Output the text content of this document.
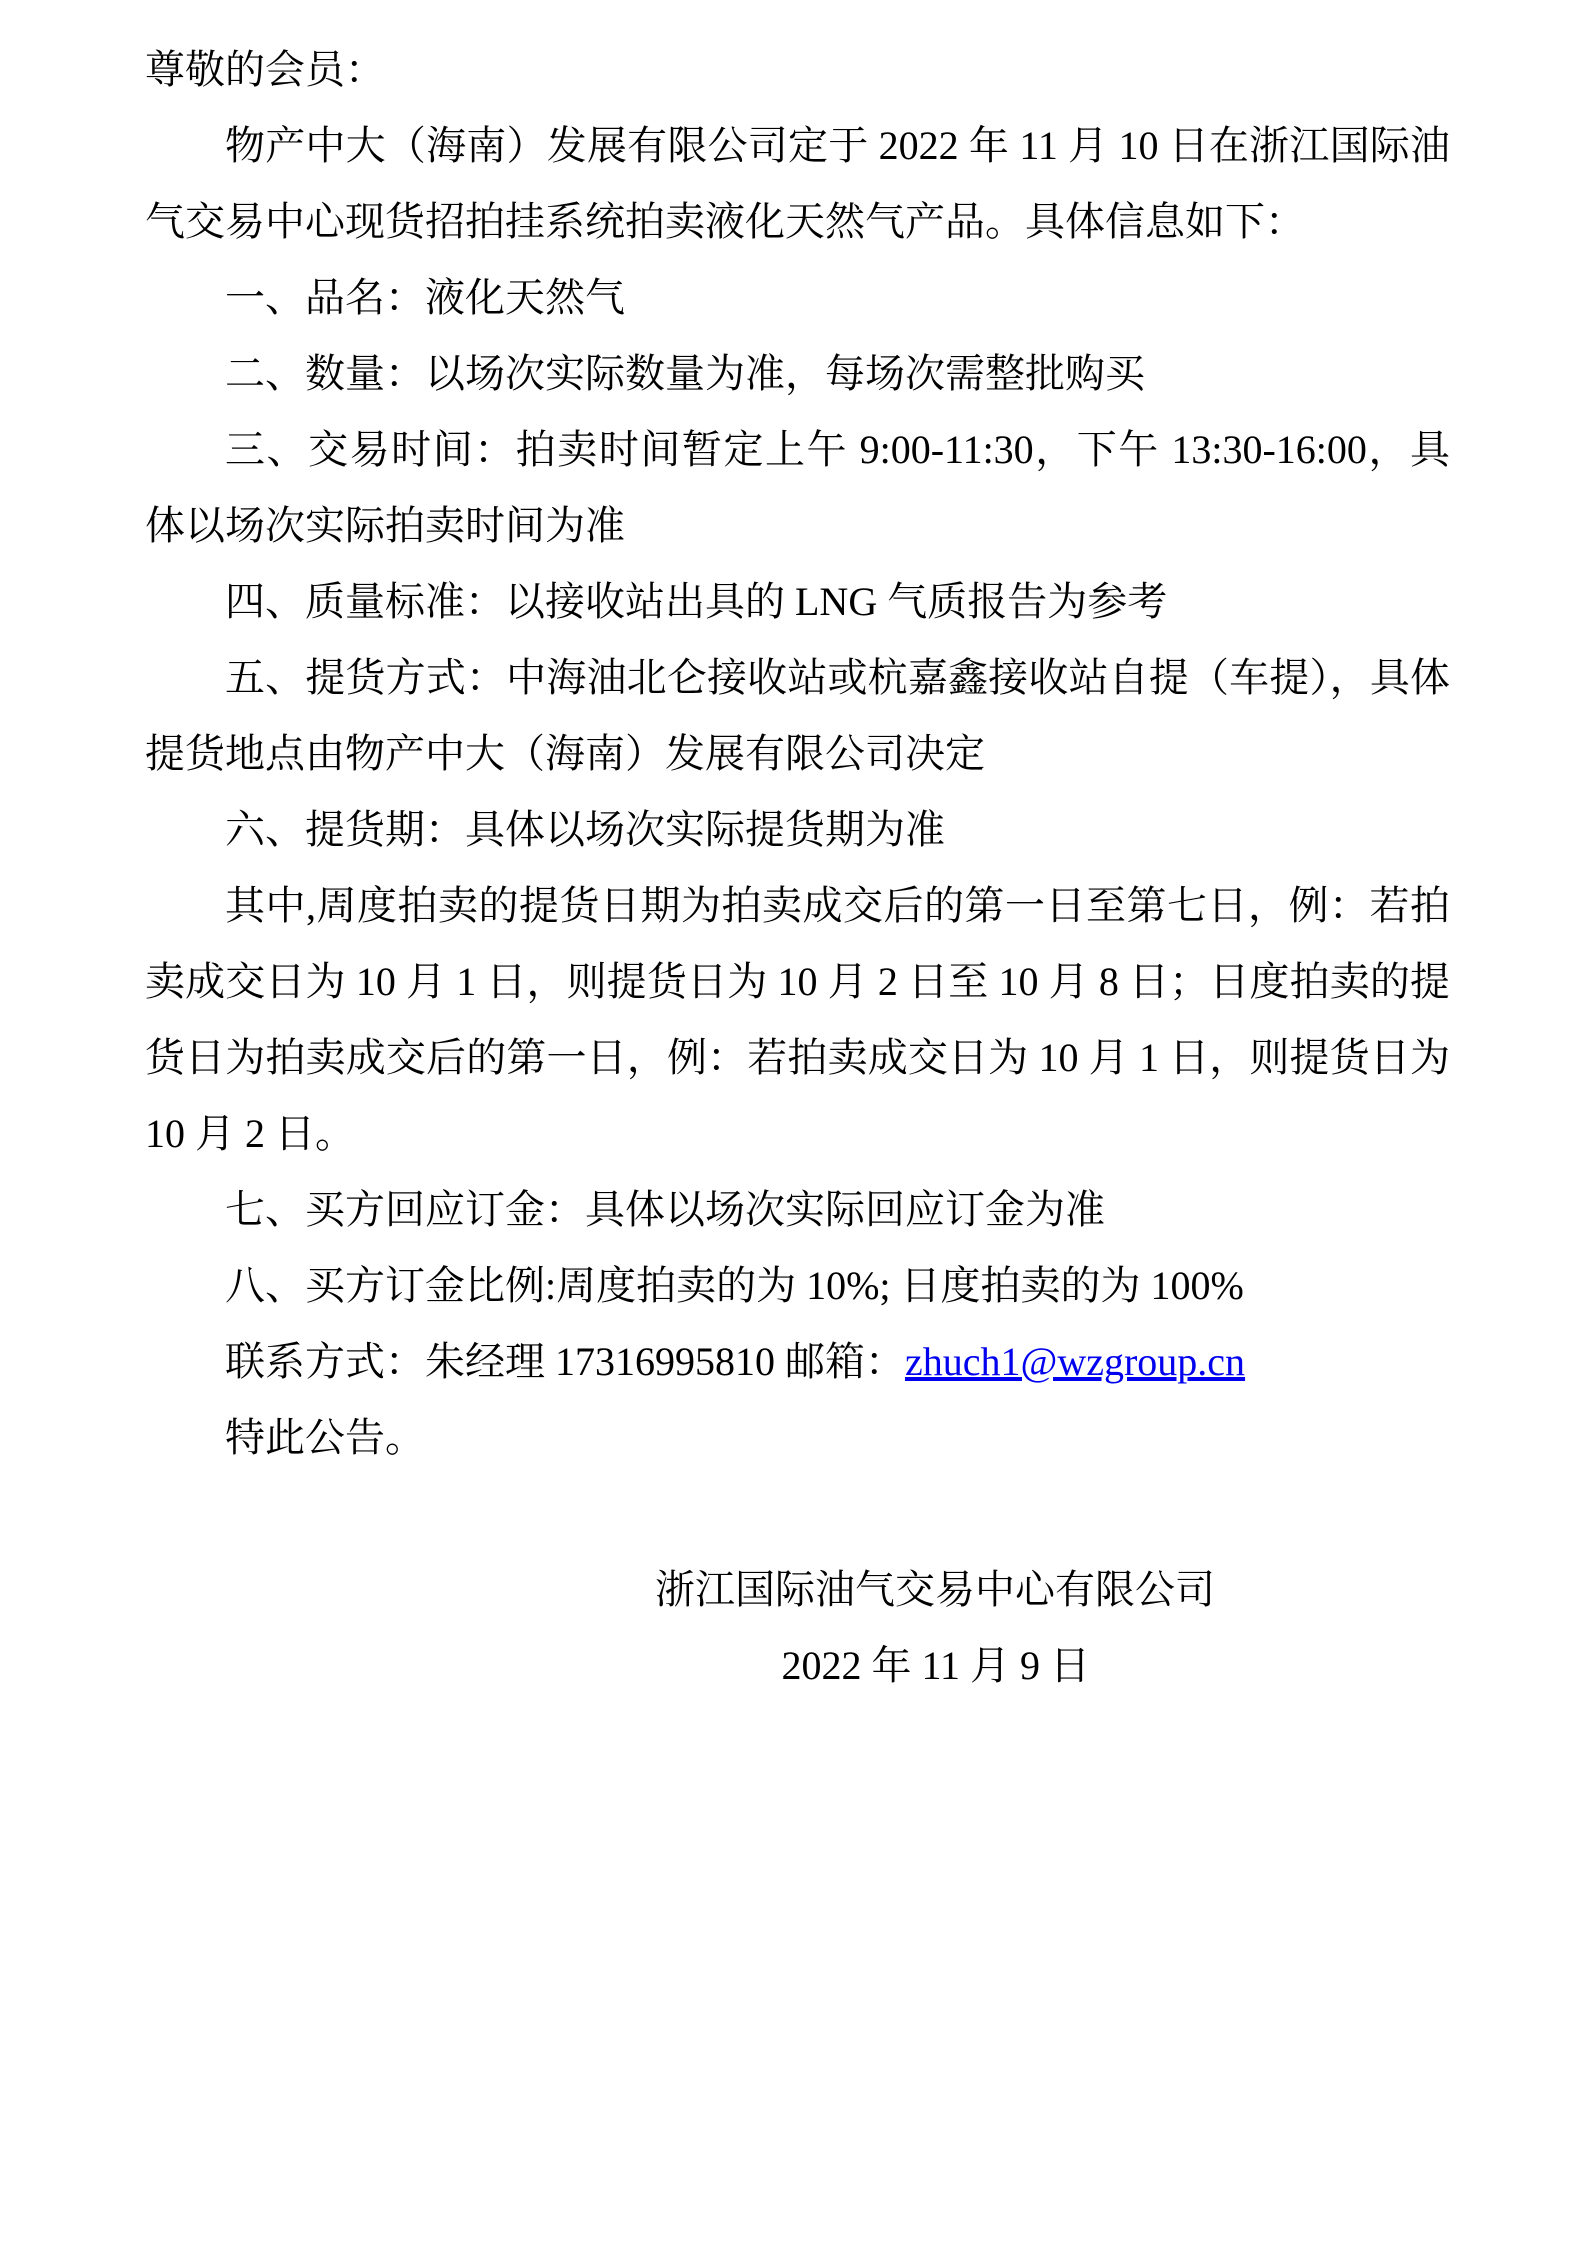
尊敬的会员：

物产中大（海南）发展有限公司定于 2022 年 11 月 10 日在浙江国际油气交易中心现货招拍挂系统拍卖液化天然气产品。具体信息如下：

一、品名：液化天然气

二、数量：以场次实际数量为准，每场次需整批购买

三、交易时间：拍卖时间暂定上午 9:00-11:30，下午 13:30-16:00，具体以场次实际拍卖时间为准

四、质量标准：以接收站出具的 LNG 气质报告为参考

五、提货方式：中海油北仑接收站或杭嘉鑫接收站自提（车提），具体提货地点由物产中大（海南）发展有限公司决定

六、提货期：具体以场次实际提货期为准

其中,周度拍卖的提货日期为拍卖成交后的第一日至第七日，例：若拍卖成交日为 10 月 1 日，则提货日为 10 月 2 日至 10 月 8 日；日度拍卖的提货日为拍卖成交后的第一日，例：若拍卖成交日为 10 月 1 日，则提货日为 10 月 2 日。

七、买方回应订金：具体以场次实际回应订金为准

八、买方订金比例:周度拍卖的为 10%; 日度拍卖的为 100%

联系方式：朱经理 17316995810 邮箱：zhuch1@wzgroup.cn

特此公告。

浙江国际油气交易中心有限公司

2022 年 11 月 9 日
